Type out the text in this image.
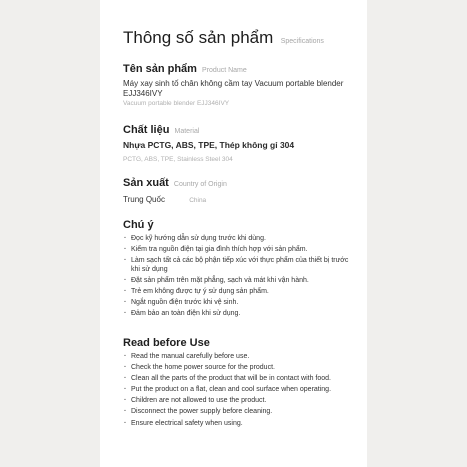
Thông số sản phẩm Specifications
Tên sản phẩm Product Name
Máy xay sinh tố chân không cầm tay Vacuum portable blender EJJ346IVY
Vacuum portable blender EJJ346IVY
Chất liệu Material
Nhựa PCTG, ABS, TPE, Thép không gỉ 304
PCTG, ABS, TPE, Stainless Steel 304
Sản xuất Country of Origin
Trung Quốc	China
Chú ý
· Đọc kỹ hướng dẫn sử dụng trước khi dùng.
· Kiểm tra nguồn điện tại gia đình thích hợp với sản phẩm.
· Làm sạch tất cả các bộ phận tiếp xúc với thực phẩm của thiết bị trước khi sử dụng
· Đặt sản phẩm trên mặt phẳng, sạch và mát khi vận hành.
· Trẻ em không được tự ý sử dụng sản phẩm.
· Ngắt nguồn điện trước khi vệ sinh.
· Đảm bảo an toàn điện khi sử dụng.
Read before Use
· Read the manual carefully before use.
· Check the home power source for the product.
· Clean all the parts of the product that will be in contact with food.
· Put the product on a flat, clean and cool surface when operating.
· Children are not allowed to use the product.
· Disconnect the power supply before cleaning.
· Ensure electrical safety when using.
